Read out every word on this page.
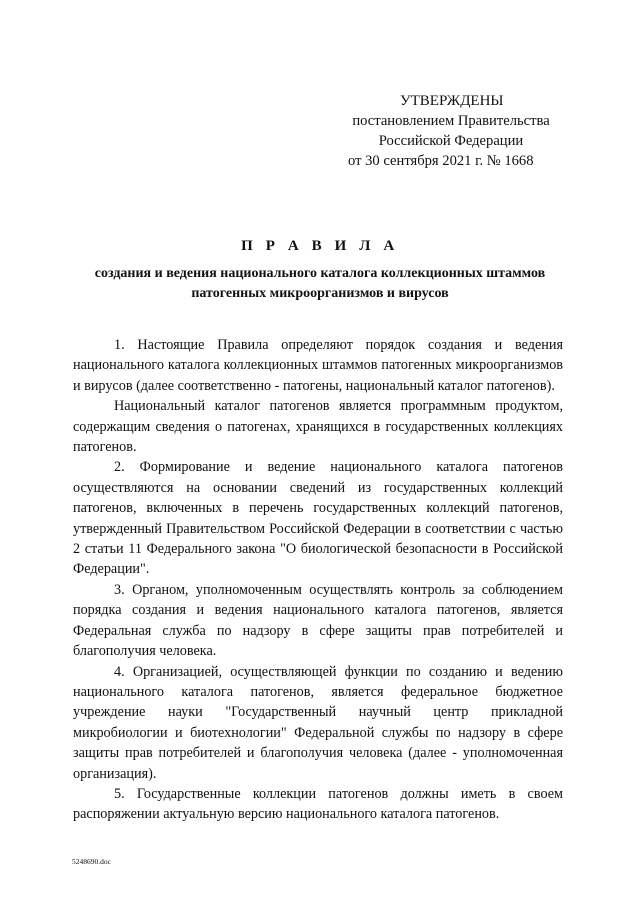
УТВЕРЖДЕНЫ
постановлением Правительства
Российской Федерации
от 30 сентября 2021 г. № 1668
П Р А В И Л А
создания и ведения национального каталога коллекционных штаммов патогенных микроорганизмов и вирусов

1. Настоящие Правила определяют порядок создания и ведения национального каталога коллекционных штаммов патогенных микроорганизмов и вирусов (далее соответственно - патогены, национальный каталог патогенов).

Национальный каталог патогенов является программным продуктом, содержащим сведения о патогенах, хранящихся в государственных коллекциях патогенов.

2. Формирование и ведение национального каталога патогенов осуществляются на основании сведений из государственных коллекций патогенов, включенных в перечень государственных коллекций патогенов, утвержденный Правительством Российской Федерации в соответствии с частью 2 статьи 11 Федерального закона "О биологической безопасности в Российской Федерации".

3. Органом, уполномоченным осуществлять контроль за соблюдением порядка создания и ведения национального каталога патогенов, является Федеральная служба по надзору в сфере защиты прав потребителей и благополучия человека.

4. Организацией, осуществляющей функции по созданию и ведению национального каталога патогенов, является федеральное бюджетное учреждение науки "Государственный научный центр прикладной микробиологии и биотехнологии" Федеральной службы по надзору в сфере защиты прав потребителей и благополучия человека (далее - уполномоченная организация).

5. Государственные коллекции патогенов должны иметь в своем распоряжении актуальную версию национального каталога патогенов.

5248690.doc
